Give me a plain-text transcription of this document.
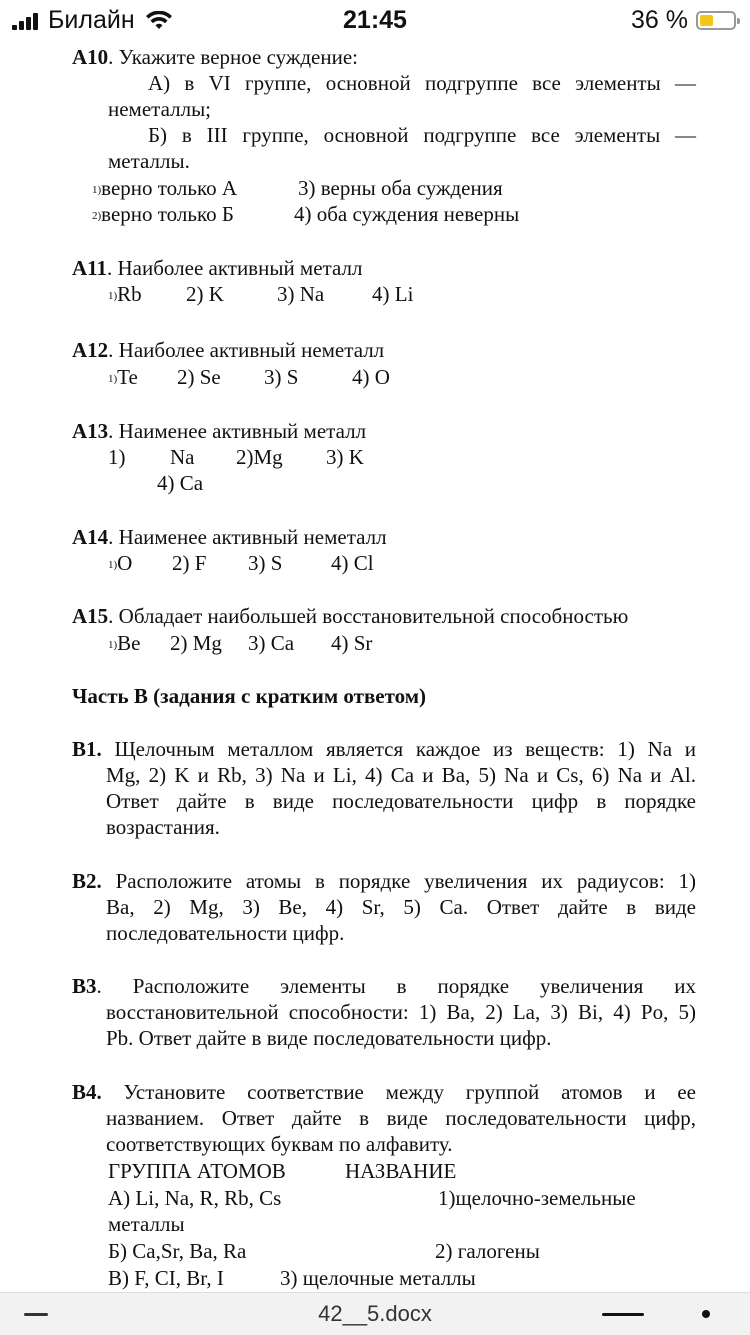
Билайн	21:45	36 %
А10. Укажите верное суждение:
А) в VI группе, основной подгруппе все элементы —
неметаллы;
Б) в III группе, основной подгруппе все элементы —
металлы.
1)верно только А	3) верны оба суждения
2)верно только Б	4) оба суждения неверны
А11. Наиболее активный металл
1)Rb 2) K	3) Na 4) Li
А12. Наиболее активный неметалл
1)Te 2) Se 3) S	4) O
А13. Наименее активный металл
1) Na 2)Mg 3) K
4) Ca
А14. Наименее активный неметалл
1)O 2) F 3) S 4) Cl
А15. Обладает наибольшей восстановительной способностью
1)Be 2) Mg 3) Ca 4) Sr
Часть В (задания с кратким ответом)
В1. Щелочным металлом является каждое из веществ: 1) Na и
Mg, 2) K и Rb, 3) Na и Li, 4) Ca и Ba, 5) Na и Cs, 6) Na и Al.
Ответ дайте в виде последовательности цифр в порядке
возрастания.
В2. Расположите атомы в порядке увеличения их радиусов: 1)
Ba, 2) Mg, 3) Be, 4) Sr, 5) Ca. Ответ дайте в виде
последовательности цифр.
В3. Расположите элементы в порядке увеличения их
восстановительной способности: 1) Ba, 2) La, 3) Bi, 4) Po, 5)
Pb. Ответ дайте в виде последовательности цифр.
В4. Установите соответствие между группой атомов и ее
названием. Ответ дайте в виде последовательности цифр,
соответствующих буквам по алфавиту.
ГРУППА АТОМОВ	НАЗВАНИЕ
А) Li, Na, R, Rb, Cs	1)щелочно-земельные
металлы
Б) Ca,Sr, Ba, Ra	2) галогены
В) F, CI, Br, I	3) щелочные металлы
42__5.docx
